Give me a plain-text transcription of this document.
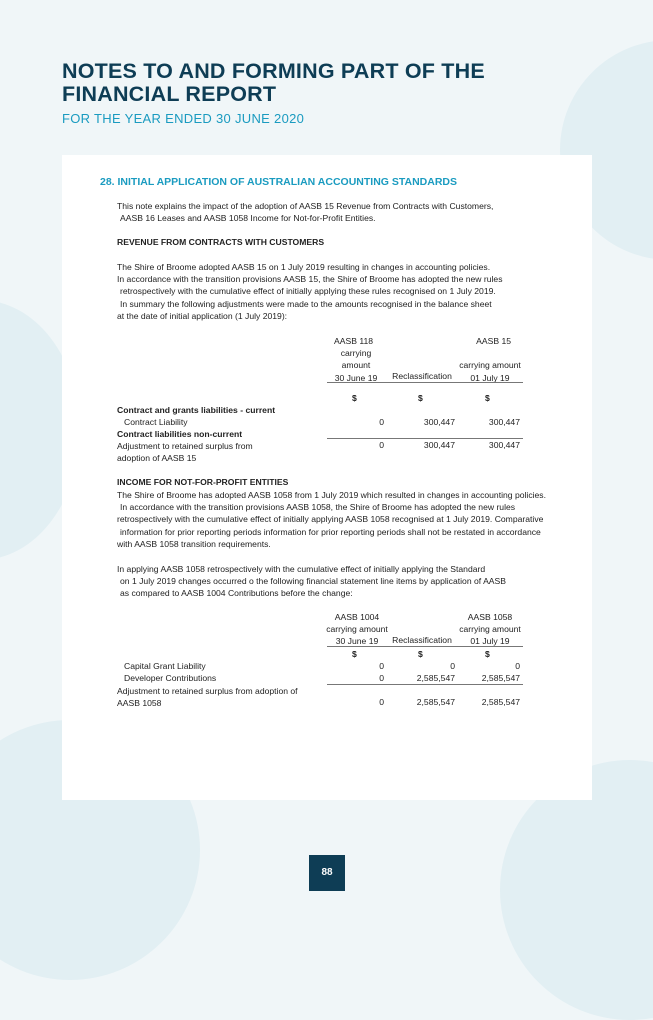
NOTES TO AND FORMING PART OF THE
FINANCIAL REPORT
FOR THE YEAR ENDED 30 JUNE 2020
28. INITIAL APPLICATION OF AUSTRALIAN ACCOUNTING STANDARDS
This note explains the impact of the adoption of AASB 15 Revenue from Contracts with Customers,
AASB 16 Leases and AASB 1058 Income for Not-for-Profit Entities.
REVENUE FROM CONTRACTS WITH CUSTOMERS
The Shire of Broome adopted AASB 15 on 1 July 2019 resulting in changes in accounting policies.
In accordance with the transition provisions AASB 15, the Shire of Broome has adopted the new rules
retrospectively with the cumulative effect of initially applying these rules recognised on 1 July 2019.
In summary the following adjustments were made to the amounts recognised in the balance sheet
at the date of initial application (1 July 2019):
AASB 118
carrying
amount
30 June 19	Reclassification
AASB 15
carrying amount
01 July 19
$	$	$
Contract and grants liabilities - current
Contract Liability	0	300,447	300,447
Contract liabilities non-current
Adjustment to retained surplus from
adoption of AASB 15
0	300,447	300,447
INCOME FOR NOT-FOR-PROFIT ENTITIES
The Shire of Broome has adopted AASB 1058 from 1 July 2019 which resulted in changes in accounting policies.
In accordance with the transition provisions AASB 1058, the Shire of Broome has adopted the new rules
retrospectively with the cumulative effect of initially applying AASB 1058 recognised at 1 July 2019. Comparative
information for prior reporting periods information for prior reporting periods shall not be restated in accordance
with AASB 1058 transition requirements.
In applying AASB 1058 retrospectively with the cumulative effect of initially applying the Standard
on 1 July 2019 changes occurred o the following financial statement line items by application of AASB
as compared to AASB 1004 Contributions before the change:
AASB 1004
carrying amount
30 June 19	Reclassification
AASB 1058
carrying amount
01 July 19
$	$	$
Capital Grant Liability	0	0	0
Developer Contributions	0	2,585,547	2,585,547
Adjustment to retained surplus from adoption of
AASB 1058	0	2,585,547	2,585,547
88
